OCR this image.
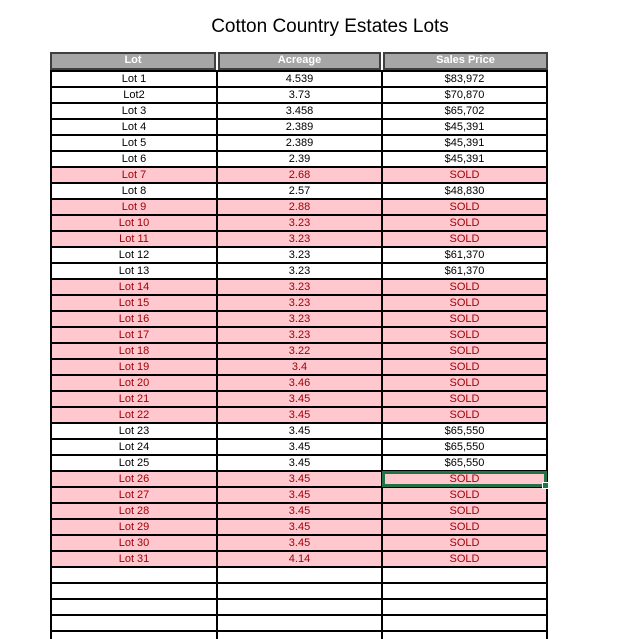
Cotton Country Estates Lots
Lot	Acreage	Sales Price
Lot 1	4.539	$83,972
Lot2	3.73	$70,870
Lot 3	3.458	$65,702
Lot 4	2.389	$45,391
Lot 5	2.389	$45,391
Lot 6	2.39	$45,391
Lot 7	2.68	SOLD
Lot 8	2.57	$48,830
Lot 9	2.88	SOLD
Lot 10	3.23	SOLD
Lot 11	3.23	SOLD
Lot 12	3.23	$61,370
Lot 13	3.23	$61,370
Lot 14	3.23	SOLD
Lot 15	3.23	SOLD
Lot 16	3.23	SOLD
Lot 17	3.23	SOLD
Lot 18	3.22	SOLD
Lot 19	3.4	SOLD
Lot 20	3.46	SOLD
Lot 21	3.45	SOLD
Lot 22	3.45	SOLD
Lot 23	3.45	$65,550
Lot 24	3.45	$65,550
Lot 25	3.45	$65,550
Lot 26	3.45	SOLD
Lot 27	3.45	SOLD
Lot 28	3.45	SOLD
Lot 29	3.45	SOLD
Lot 30	3.45	SOLD
Lot 31	4.14	SOLD
